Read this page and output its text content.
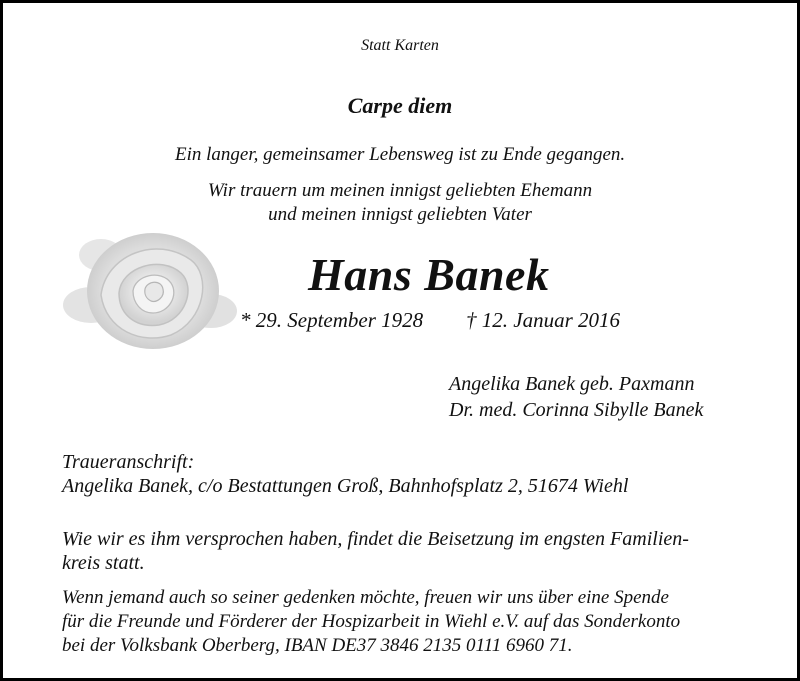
Statt Karten
Carpe diem
Ein langer, gemeinsamer Lebensweg ist zu Ende gegangen.
Wir trauern um meinen innigst geliebten Ehemann
und meinen innigst geliebten Vater
Hans Banek
* 29. September 1928 † 12. Januar 2016
Angelika Banek geb. Paxmann
Dr. med. Corinna Sibylle Banek
Traueranschrift:
Angelika Banek, c/o Bestattungen Groß, Bahnhofsplatz 2, 51674 Wiehl
Wie wir es ihm versprochen haben, findet die Beisetzung im engsten Familien-
kreis statt.
Wenn jemand auch so seiner gedenken möchte, freuen wir uns über eine Spende
für die Freunde und Förderer der Hospizarbeit in Wiehl e.V. auf das Sonderkonto
bei der Volksbank Oberberg, IBAN DE37 3846 2135 0111 6960 71.
